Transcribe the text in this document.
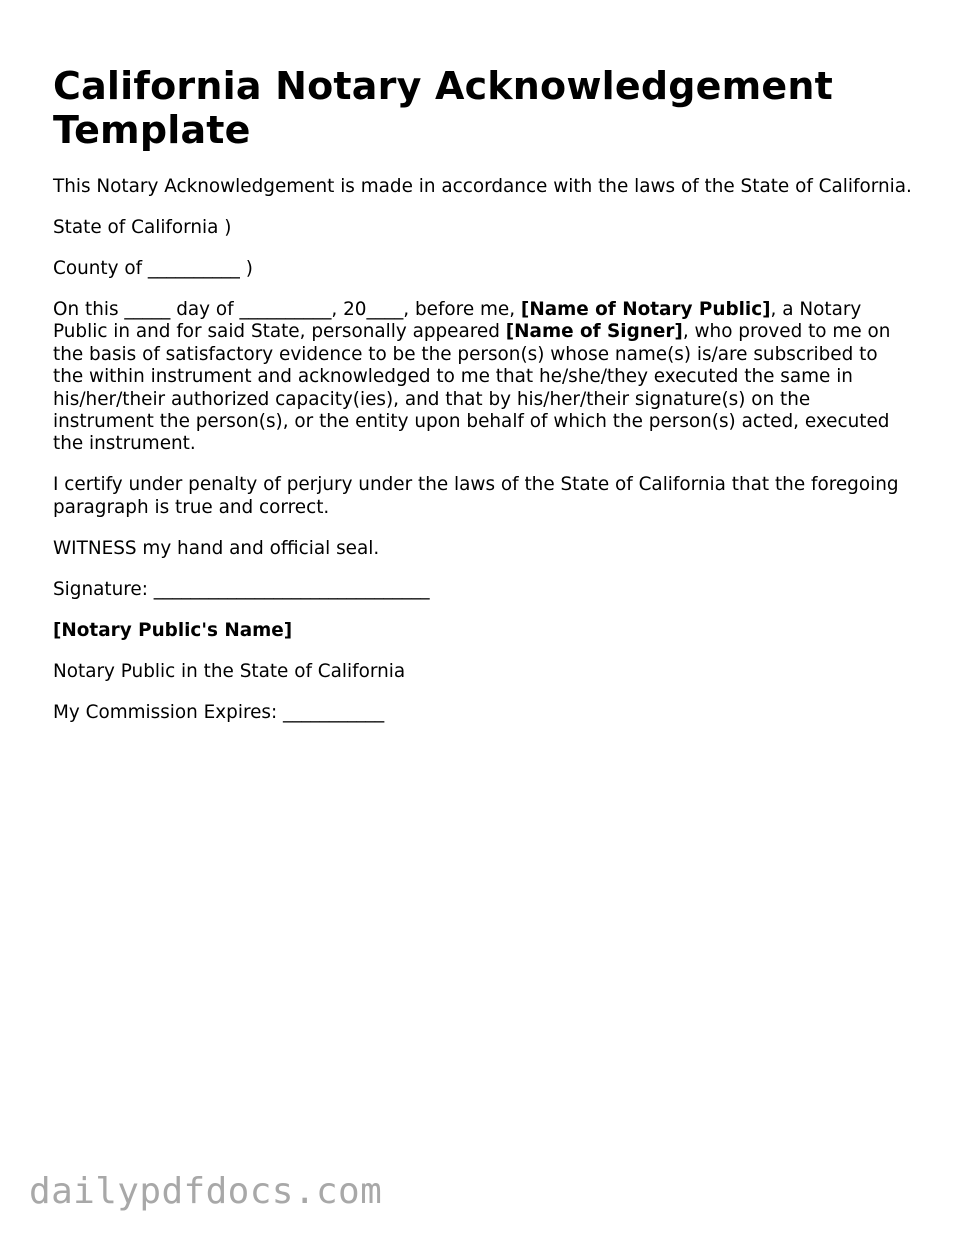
California Notary Acknowledgement Template

This Notary Acknowledgement is made in accordance with the laws of the State of California.

State of California )

County of __________ )

On this _____ day of __________, 20____, before me, [Name of Notary Public], a Notary Public in and for said State, personally appeared [Name of Signer], who proved to me on the basis of satisfactory evidence to be the person(s) whose name(s) is/are subscribed to the within instrument and acknowledged to me that he/she/they executed the same in his/her/their authorized capacity(ies), and that by his/her/their signature(s) on the instrument the person(s), or the entity upon behalf of which the person(s) acted, executed the instrument.

I certify under penalty of perjury under the laws of the State of California that the foregoing paragraph is true and correct.

WITNESS my hand and official seal.

Signature: ______________________________

[Notary Public's Name]

Notary Public in the State of California

My Commission Expires: ___________

dailypdfdocs.com
